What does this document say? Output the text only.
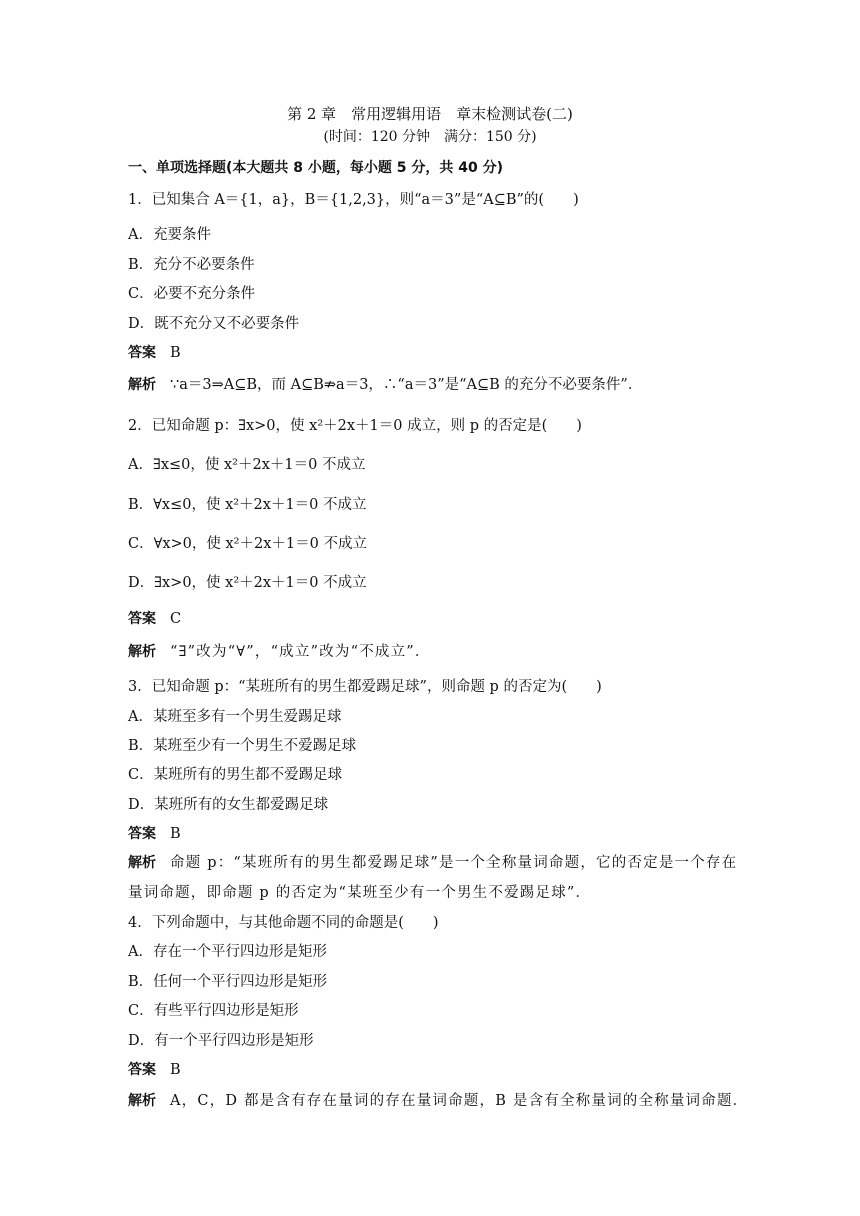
第 2 章　常用逻辑用语　章末检测试卷(二)
(时间：120 分钟　满分：150 分)
一、单项选择题(本大题共 8 小题，每小题 5 分，共 40 分)
1．已知集合 A＝{1，a}，B＝{1,2,3}，则“a＝3”是“A⊆B”的(　　)
A．充要条件
B．充分不必要条件
C．必要不充分条件
D．既不充分又不必要条件
答案 B
解析 ∵a＝3⇒A⊆B，而 A⊆B⇏a＝3，∴“a＝3”是“A⊆B 的充分不必要条件”．
2．已知命题 p：∃x>0，使 x²＋2x＋1＝0 成立，则 p 的否定是(　　)
A．∃x≤0，使 x²＋2x＋1＝0 不成立
B．∀x≤0，使 x²＋2x＋1＝0 不成立
C．∀x>0，使 x²＋2x＋1＝0 不成立
D．∃x>0，使 x²＋2x＋1＝0 不成立
答案 C
解析 “∃”改为“∀”，“成立”改为“不成立”．
3．已知命题 p：“某班所有的男生都爱踢足球”，则命题 p 的否定为(　　)
A．某班至多有一个男生爱踢足球
B．某班至少有一个男生不爱踢足球
C．某班所有的男生都不爱踢足球
D．某班所有的女生都爱踢足球
答案 B
解析 命题 p：“某班所有的男生都爱踢足球”是一个全称量词命题，它的否定是一个存在
量词命题，即命题 p 的否定为“某班至少有一个男生不爱踢足球”．
4．下列命题中，与其他命题不同的命题是(　　)
A．存在一个平行四边形是矩形
B．任何一个平行四边形是矩形
C．有些平行四边形是矩形
D．有一个平行四边形是矩形
答案 B
解析 A，C，D 都是含有存在量词的存在量词命题，B 是含有全称量词的全称量词命题．
